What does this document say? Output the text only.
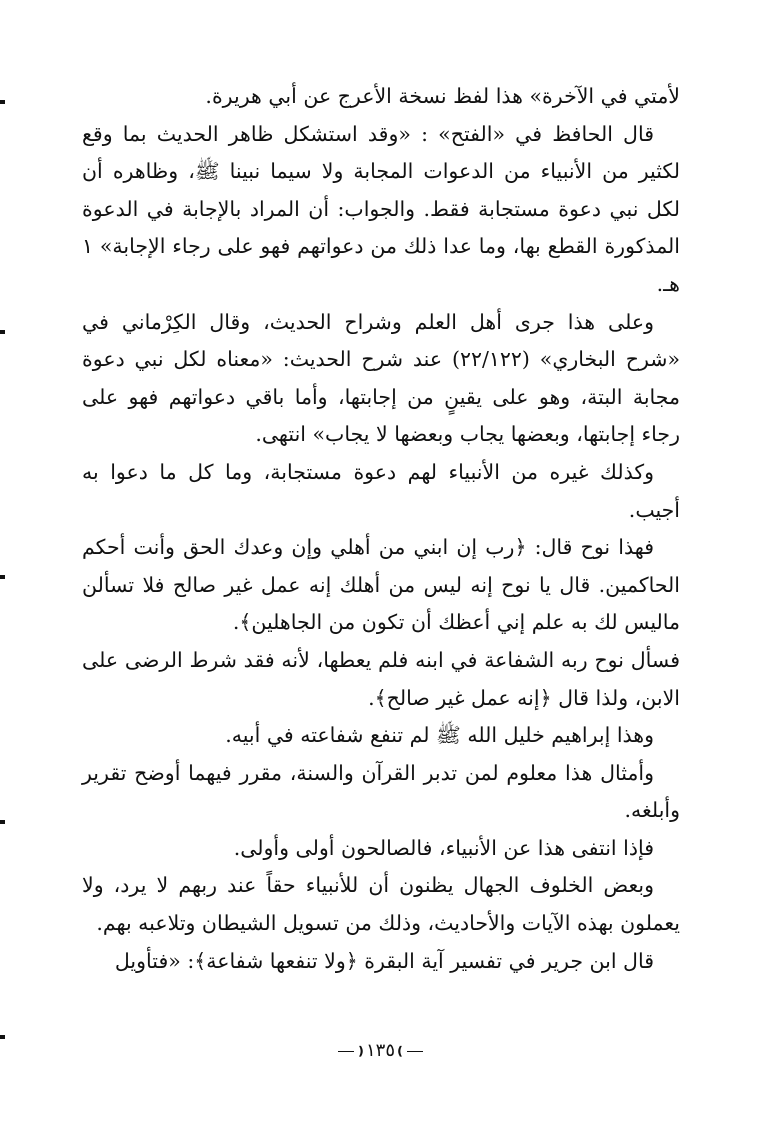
لأمتي في الآخرة» هذا لفظ نسخة الأعرج عن أبي هريرة.

قال الحافظ في «الفتح» : «وقد استشكل ظاهر الحديث بما وقع لكثير من الأنبياء من الدعوات المجابة ولا سيما نبينا ﷺ، وظاهره أن لكل نبي دعوة مستجابة فقط. والجواب: أن المراد بالإجابة في الدعوة المذكورة القطع بها، وما عدا ذلك من دعواتهم فهو على رجاء الإجابة» ١ هـ.

وعلى هذا جرى أهل العلم وشراح الحديث، وقال الكِرْماني في «شرح البخاري» (٢٢/١٢٢) عند شرح الحديث: «معناه لكل نبي دعوة مجابة البتة، وهو على يقينٍ من إجابتها، وأما باقي دعواتهم فهو على رجاء إجابتها، وبعضها يجاب وبعضها لا يجاب» انتهى.

وكذلك غيره من الأنبياء لهم دعوة مستجابة، وما كل ما دعوا به أجيب.

فهذا نوح قال: ﴿رب إن ابني من أهلي وإن وعدك الحق وأنت أحكم الحاكمين. قال يا نوح إنه ليس من أهلك إنه عمل غير صالح فلا تسألن ماليس لك به علم إني أعظك أن تكون من الجاهلين﴾.

فسأل نوح ربه الشفاعة في ابنه فلم يعطها، لأنه فقد شرط الرضى على الابن، ولذا قال ﴿إنه عمل غير صالح﴾.

وهذا إبراهيم خليل الله ﷺ لم تنفع شفاعته في أبيه.

وأمثال هذا معلوم لمن تدبر القرآن والسنة، مقرر فيهما أوضح تقرير وأبلغه.

فإذا انتفى هذا عن الأنبياء، فالصالحون أولى وأولى.

وبعض الخلوف الجهال يظنون أن للأنبياء حقاً عند ربهم لا يرد، ولا يعملون بهذه الآيات والأحاديث، وذلك من تسويل الشيطان وتلاعبه بهم.

قال ابن جرير في تفسير آية البقرة ﴿ولا تنفعها شفاعة﴾: «فتأويل

❫١٣٥❪
